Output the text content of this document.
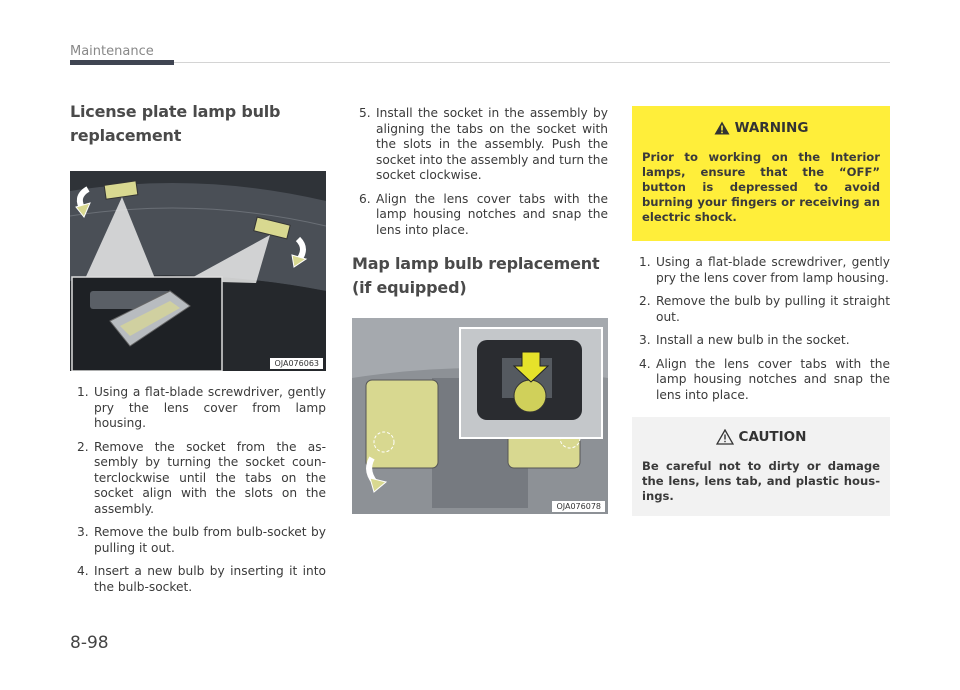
Maintenance
License plate lamp bulb replacement
OJA076063
1. Using a flat-blade screwdriver, gently pry the lens cover from lamp housing.
2. Remove the socket from the assembly by turning the socket counterclockwise until the tabs on the socket align with the slots on the assembly.
3. Remove the bulb from bulb-socket by pulling it out.
4. Insert a new bulb by inserting it into the bulb-socket.
5. Install the socket in the assembly by aligning the tabs on the socket with the slots in the assembly. Push the socket into the assembly and turn the socket clockwise.
6. Align the lens cover tabs with the lamp housing notches and snap the lens into place.
Map lamp bulb replacement (if equipped)
OJA076078
WARNING
Prior to working on the Interior lamps, ensure that the “OFF” button is depressed to avoid burning your fingers or receiving an electric shock.
1. Using a flat-blade screwdriver, gently pry the lens cover from lamp housing.
2. Remove the bulb by pulling it straight out.
3. Install a new bulb in the socket.
4. Align the lens cover tabs with the lamp housing notches and snap the lens into place.
CAUTION
Be careful not to dirty or damage the lens, lens tab, and plastic housings.
8-98
